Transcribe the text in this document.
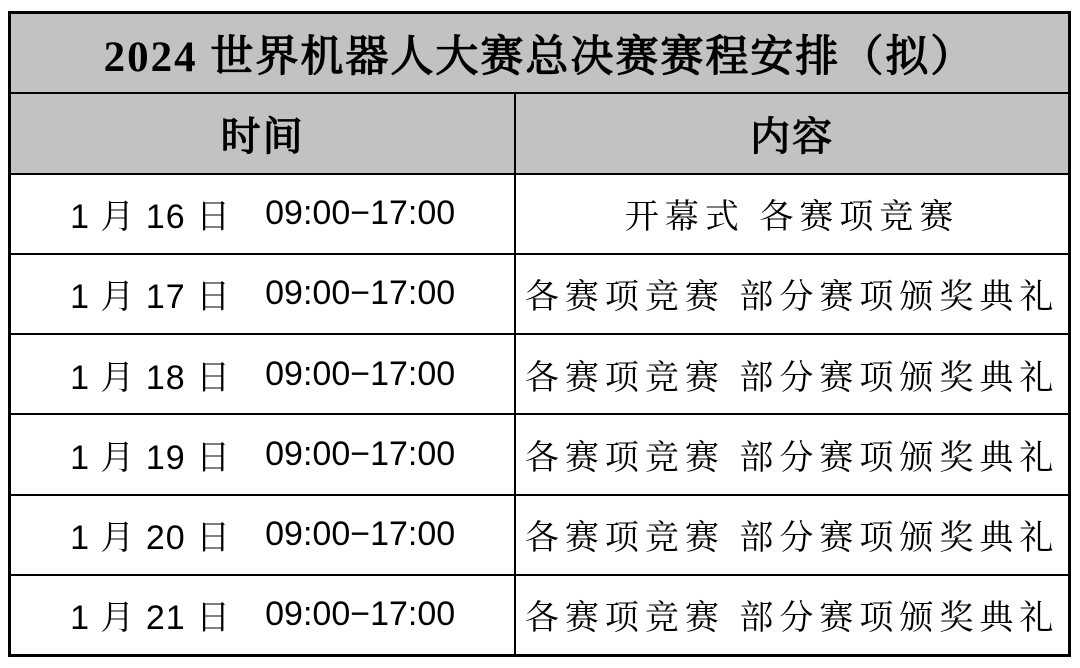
2024 世界机器人大赛总决赛赛程安排（拟）
时间	内容
1 月 16 日 09:00−17:00	开幕式 各赛项竞赛
1 月 17 日 09:00−17:00 各赛项竞赛 部分赛项颁奖典礼
1 月 18 日 09:00−17:00 各赛项竞赛 部分赛项颁奖典礼
1 月 19 日 09:00−17:00 各赛项竞赛 部分赛项颁奖典礼
1 月 20 日 09:00−17:00 各赛项竞赛 部分赛项颁奖典礼
1 月 21 日 09:00−17:00 各赛项竞赛 部分赛项颁奖典礼
